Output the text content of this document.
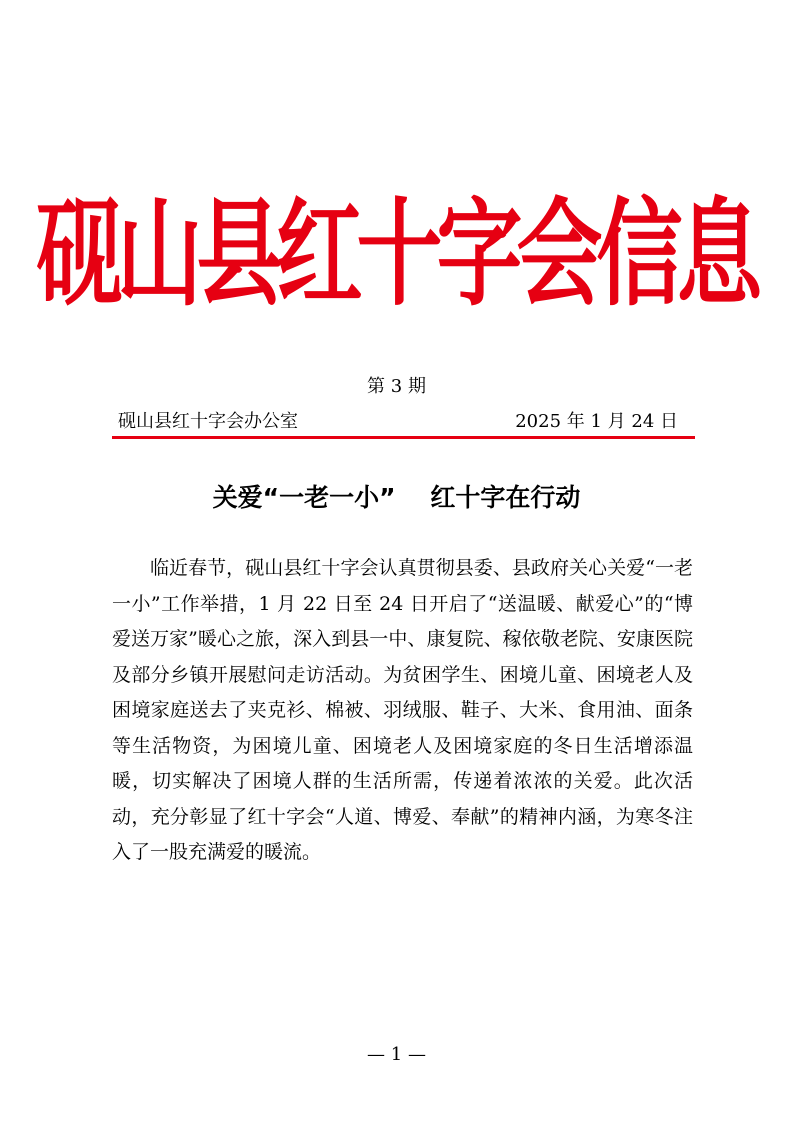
砚山县红十字会信息
第 3 期
砚山县红十字会办公室	2025 年 1 月 24 日
关爱“一老一小”    红十字在行动

临近春节，砚山县红十字会认真贯彻县委、县政府关心关爱“一老一小”工作举措，1 月 22 日至 24 日开启了“送温暖、献爱心”的“博爱送万家”暖心之旅，深入到县一中、康复院、稼依敬老院、安康医院及部分乡镇开展慰问走访活动。为贫困学生、困境儿童、困境老人及困境家庭送去了夹克衫、棉被、羽绒服、鞋子、大米、食用油、面条等生活物资，为困境儿童、困境老人及困境家庭的冬日生活增添温暖，切实解决了困境人群的生活所需，传递着浓浓的关爱。此次活动，充分彰显了红十字会“人道、博爱、奉献”的精神内涵，为寒冬注入了一股充满爱的暖流。

— 1 —
